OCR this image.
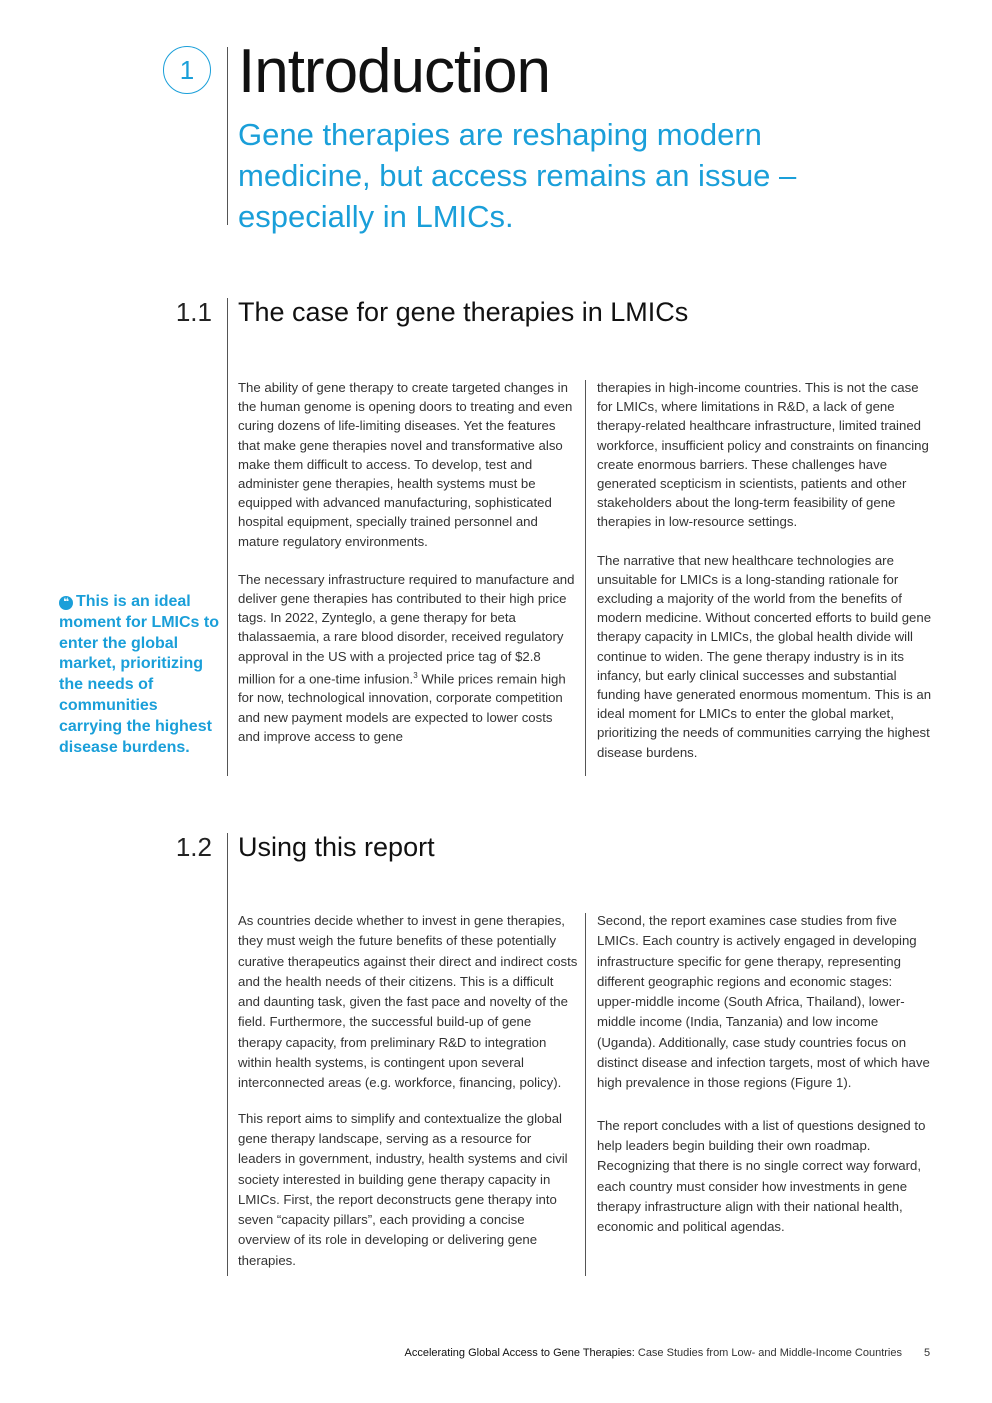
1 Introduction
Gene therapies are reshaping modern medicine, but access remains an issue – especially in LMICs.
1.1 The case for gene therapies in LMICs
❝ This is an ideal moment for LMICs to enter the global market, prioritizing the needs of communities carrying the highest disease burdens.

The ability of gene therapy to create targeted changes in the human genome is opening doors to treating and even curing dozens of life-limiting diseases. Yet the features that make gene therapies novel and transformative also make them difficult to access. To develop, test and administer gene therapies, health systems must be equipped with advanced manufacturing, sophisticated hospital equipment, specially trained personnel and mature regulatory environments.

The necessary infrastructure required to manufacture and deliver gene therapies has contributed to their high price tags. In 2022, Zynteglo, a gene therapy for beta thalassaemia, a rare blood disorder, received regulatory approval in the US with a projected price tag of $2.8 million for a one-time infusion.$^3$ While prices remain high for now, technological innovation, corporate competition and new payment models are expected to lower costs and improve access to gene

therapies in high-income countries. This is not the case for LMICs, where limitations in R&D, a lack of gene therapy-related healthcare infrastructure, limited trained workforce, insufficient policy and constraints on financing create enormous barriers. These challenges have generated scepticism in scientists, patients and other stakeholders about the long-term feasibility of gene therapies in low-resource settings.

The narrative that new healthcare technologies are unsuitable for LMICs is a long-standing rationale for excluding a majority of the world from the benefits of modern medicine. Without concerted efforts to build gene therapy capacity in LMICs, the global health divide will continue to widen. The gene therapy industry is in its infancy, but early clinical successes and substantial funding have generated enormous momentum. This is an ideal moment for LMICs to enter the global market, prioritizing the needs of communities carrying the highest disease burdens.

1.2 Using this report

As countries decide whether to invest in gene therapies, they must weigh the future benefits of these potentially curative therapeutics against their direct and indirect costs and the health needs of their citizens. This is a difficult and daunting task, given the fast pace and novelty of the field. Furthermore, the successful build-up of gene therapy capacity, from preliminary R&D to integration within health systems, is contingent upon several interconnected areas (e.g. workforce, financing, policy).

This report aims to simplify and contextualize the global gene therapy landscape, serving as a resource for leaders in government, industry, health systems and civil society interested in building gene therapy capacity in LMICs. First, the report deconstructs gene therapy into seven “capacity pillars”, each providing a concise overview of its role in developing or delivering gene therapies.

Second, the report examines case studies from five LMICs. Each country is actively engaged in developing infrastructure specific for gene therapy, representing different geographic regions and economic stages: upper-middle income (South Africa, Thailand), lower-middle income (India, Tanzania) and low income (Uganda). Additionally, case study countries focus on distinct disease and infection targets, most of which have high prevalence in those regions (Figure 1).

The report concludes with a list of questions designed to help leaders begin building their own roadmap. Recognizing that there is no single correct way forward, each country must consider how investments in gene therapy infrastructure align with their national health, economic and political agendas.

Accelerating Global Access to Gene Therapies: Case Studies from Low- and Middle-Income Countries 5
